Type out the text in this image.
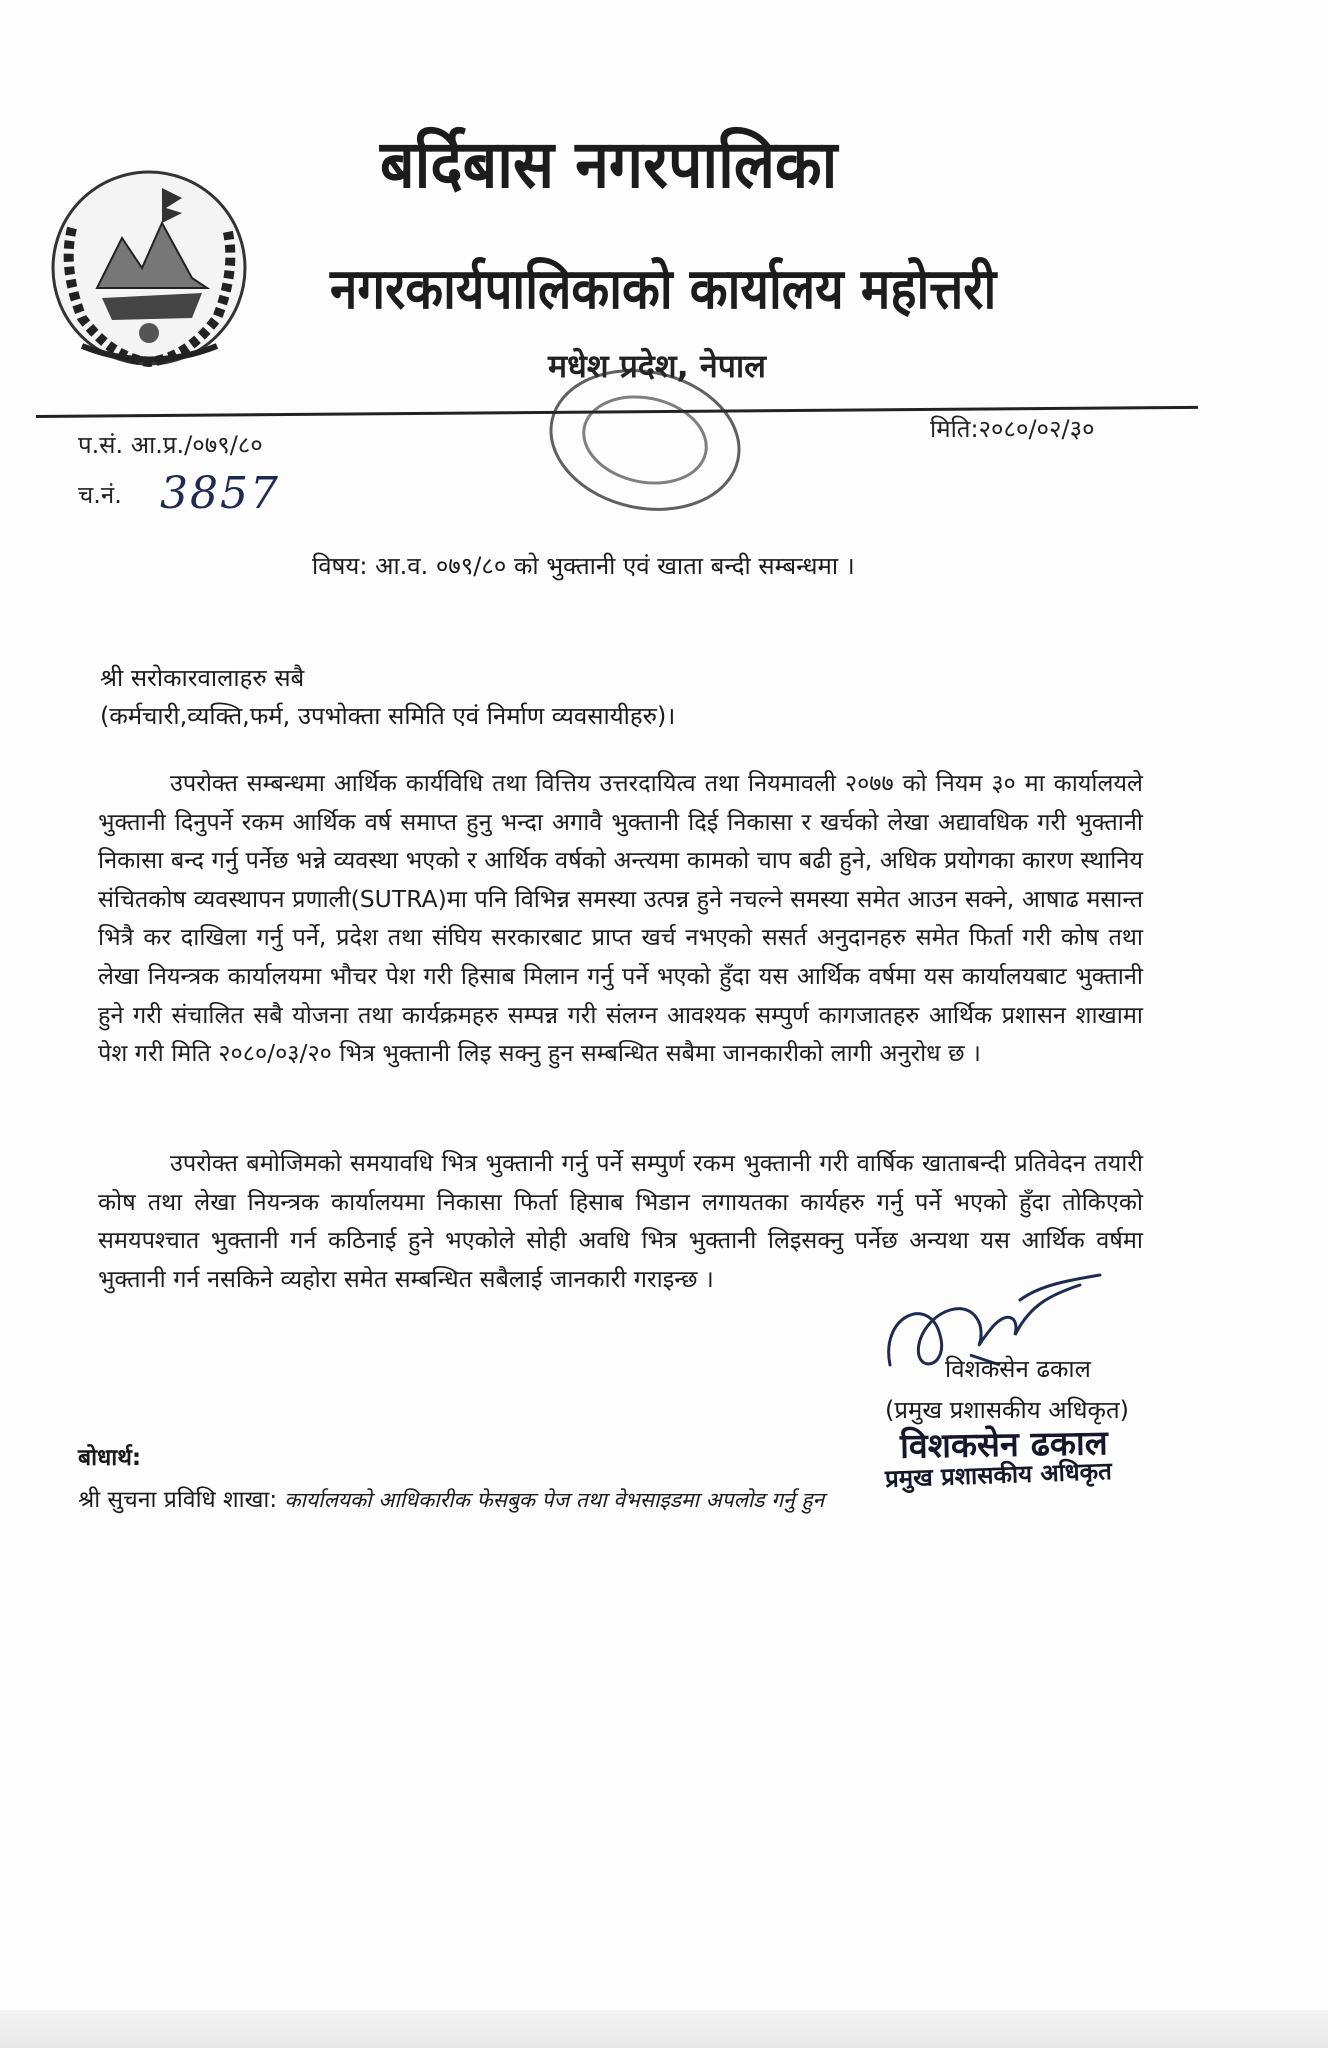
बर्दिबास नगरपालिका
नगरकार्यपालिकाको कार्यालय महोत्तरी
मधेश प्रदेश, नेपाल
प.सं. आ.प्र./०७९/८०
च.नं. 3857
मिति:२०८०/०२/३०
विषय: आ.व. ०७९/८० को भुक्तानी एवं खाता बन्दी सम्बन्धमा ।
श्री सरोकारवालाहरु सबै
(कर्मचारी,व्यक्ति,फर्म, उपभोक्ता समिति एवं निर्माण व्यवसायीहरु)।

उपरोक्त सम्बन्धमा आर्थिक कार्यविधि तथा वित्तिय उत्तरदायित्व तथा नियमावली २०७७ को नियम ३० मा कार्यालयले भुक्तानी दिनुपर्ने रकम आर्थिक वर्ष समाप्त हुनु भन्दा अगावै भुक्तानी दिई निकासा र खर्चको लेखा अद्यावधिक गरी भुक्तानी निकासा बन्द गर्नु पर्नेछ भन्ने व्यवस्था भएको र आर्थिक वर्षको अन्त्यमा कामको चाप बढी हुने, अधिक प्रयोगका कारण स्थानिय संचितकोष व्यवस्थापन प्रणाली(SUTRA)मा पनि विभिन्न समस्या उत्पन्न हुने नचल्ने समस्या समेत आउन सक्ने, आषाढ मसान्त भित्रै कर दाखिला गर्नु पर्ने, प्रदेश तथा संघिय सरकारबाट प्राप्त खर्च नभएको ससर्त अनुदानहरु समेत फिर्ता गरी कोष तथा लेखा नियन्त्रक कार्यालयमा भौचर पेश गरी हिसाब मिलान गर्नु पर्ने भएको हुँदा यस आर्थिक वर्षमा यस कार्यालयबाट भुक्तानी हुने गरी संचालित सबै योजना तथा कार्यक्रमहरु सम्पन्न गरी संलग्न आवश्यक सम्पुर्ण कागजातहरु आर्थिक प्रशासन शाखामा पेश गरी मिति २०८०/०३/२० भित्र भुक्तानी लिइ सक्नु हुन सम्बन्धित सबैमा जानकारीको लागी अनुरोध छ ।

उपरोक्त बमोजिमको समयावधि भित्र भुक्तानी गर्नु पर्ने सम्पुर्ण रकम भुक्तानी गरी वार्षिक खाताबन्दी प्रतिवेदन तयारी कोष तथा लेखा नियन्त्रक कार्यालयमा निकासा फिर्ता हिसाब भिडान लगायतका कार्यहरु गर्नु पर्ने भएको हुँदा तोकिएको समयपश्चात भुक्तानी गर्न कठिनाई हुने भएकोले सोही अवधि भित्र भुक्तानी लिइसक्नु पर्नेछ अन्यथा यस आर्थिक वर्षमा भुक्तानी गर्न नसकिने व्यहोरा समेत सम्बन्धित सबैलाई जानकारी गराइन्छ ।

विशकसेन ढकाल
(प्रमुख प्रशासकीय अधिकृत)
विशकसेन ढकाल
प्रमुख प्रशासकीय अधिकृत
बोधार्थ:
श्री सुचना प्रविधि शाखा: कार्यालयको आधिकारीक फेसबुक पेज तथा वेभसाइडमा अपलोड गर्नु हुन
